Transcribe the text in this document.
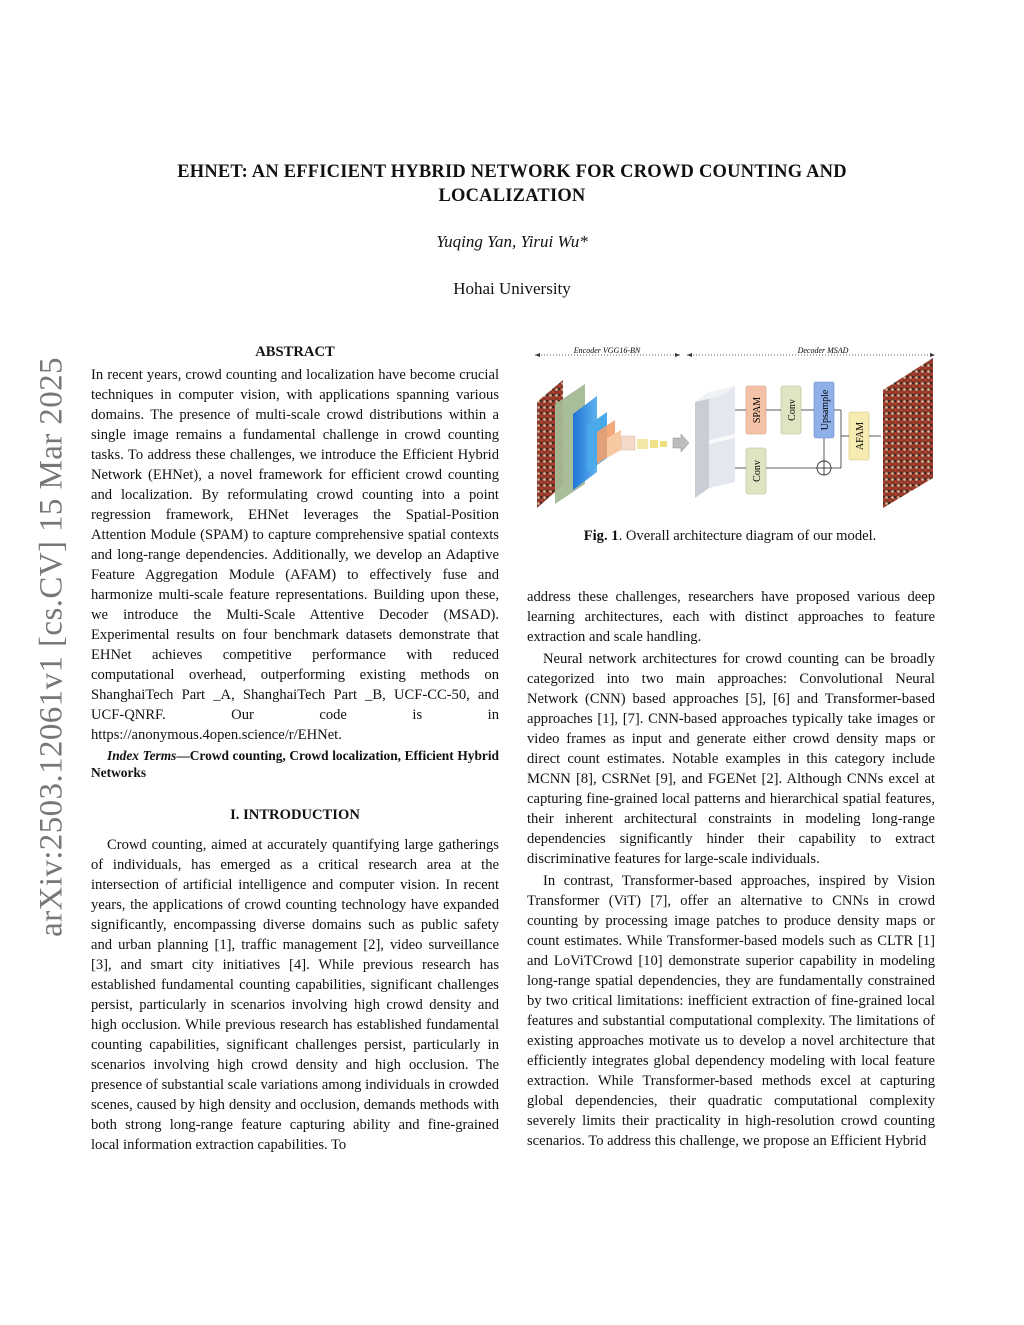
arXiv:2503.12061v1 [cs.CV] 15 Mar 2025
EHNET: AN EFFICIENT HYBRID NETWORK FOR CROWD COUNTING AND
LOCALIZATION
Yuqing Yan, Yirui Wu*
Hohai University
ABSTRACT

In recent years, crowd counting and localization have become crucial techniques in computer vision, with applications spanning various domains. The presence of multi-scale crowd distributions within a single image remains a fundamental challenge in crowd counting tasks. To address these challenges, we introduce the Efficient Hybrid Network (EHNet), a novel framework for efficient crowd counting and localization. By reformulating crowd counting into a point regression framework, EHNet leverages the Spatial-Position Attention Module (SPAM) to capture comprehensive spatial contexts and long-range dependencies. Additionally, we develop an Adaptive Feature Aggregation Module (AFAM) to effectively fuse and harmonize multi-scale feature representations. Building upon these, we introduce the Multi-Scale Attentive Decoder (MSAD). Experimental results on four benchmark datasets demonstrate that EHNet achieves competitive performance with reduced computational overhead, outperforming existing methods on ShanghaiTech Part _A, ShanghaiTech Part _B, UCF-CC-50, and UCF-QNRF. Our code is in https://anonymous.4open.science/r/EHNet.

Index Terms—Crowd counting, Crowd localization, Efficient Hybrid Networks

I. INTRODUCTION

Crowd counting, aimed at accurately quantifying large gatherings of individuals, has emerged as a critical research area at the intersection of artificial intelligence and computer vision. In recent years, the applications of crowd counting technology have expanded significantly, encompassing diverse domains such as public safety and urban planning [1], traffic management [2], video surveillance [3], and smart city initiatives [4]. While previous research has established fundamental counting capabilities, significant challenges persist, particularly in scenarios involving high crowd density and high occlusion. While previous research has established fundamental counting capabilities, significant challenges persist, particularly in scenarios involving high crowd density and high occlusion. The presence of substantial scale variations among individuals in crowded scenes, caused by high density and occlusion, demands methods with both strong long-range feature capturing ability and fine-grained local information extraction capabilities. To

Encoder VGG16-BN	Decoder MSAD
SPAM Conv Upsample
Conv
AFAM
Fig. 1. Overall architecture diagram of our model.

address these challenges, researchers have proposed various deep learning architectures, each with distinct approaches to feature extraction and scale handling.

Neural network architectures for crowd counting can be broadly categorized into two main approaches: Convolutional Neural Network (CNN) based approaches [5], [6] and Transformer-based approaches [1], [7]. CNN-based approaches typically take images or video frames as input and generate either crowd density maps or direct count estimates. Notable examples in this category include MCNN [8], CSRNet [9], and FGENet [2]. Although CNNs excel at capturing fine-grained local patterns and hierarchical spatial features, their inherent architectural constraints in modeling long-range dependencies significantly hinder their capability to extract discriminative features for large-scale individuals.

In contrast, Transformer-based approaches, inspired by Vision Transformer (ViT) [7], offer an alternative to CNNs in crowd counting by processing image patches to produce density maps or count estimates. While Transformer-based models such as CLTR [1] and LoViTCrowd [10] demonstrate superior capability in modeling long-range spatial dependencies, they are fundamentally constrained by two critical limitations: inefficient extraction of fine-grained local features and substantial computational complexity. The limitations of existing approaches motivate us to develop a novel architecture that efficiently integrates global dependency modeling with local feature extraction. While Transformer-based methods excel at capturing global dependencies, their quadratic computational complexity severely limits their practicality in high-resolution crowd counting scenarios. To address this challenge, we propose an Efficient Hybrid
